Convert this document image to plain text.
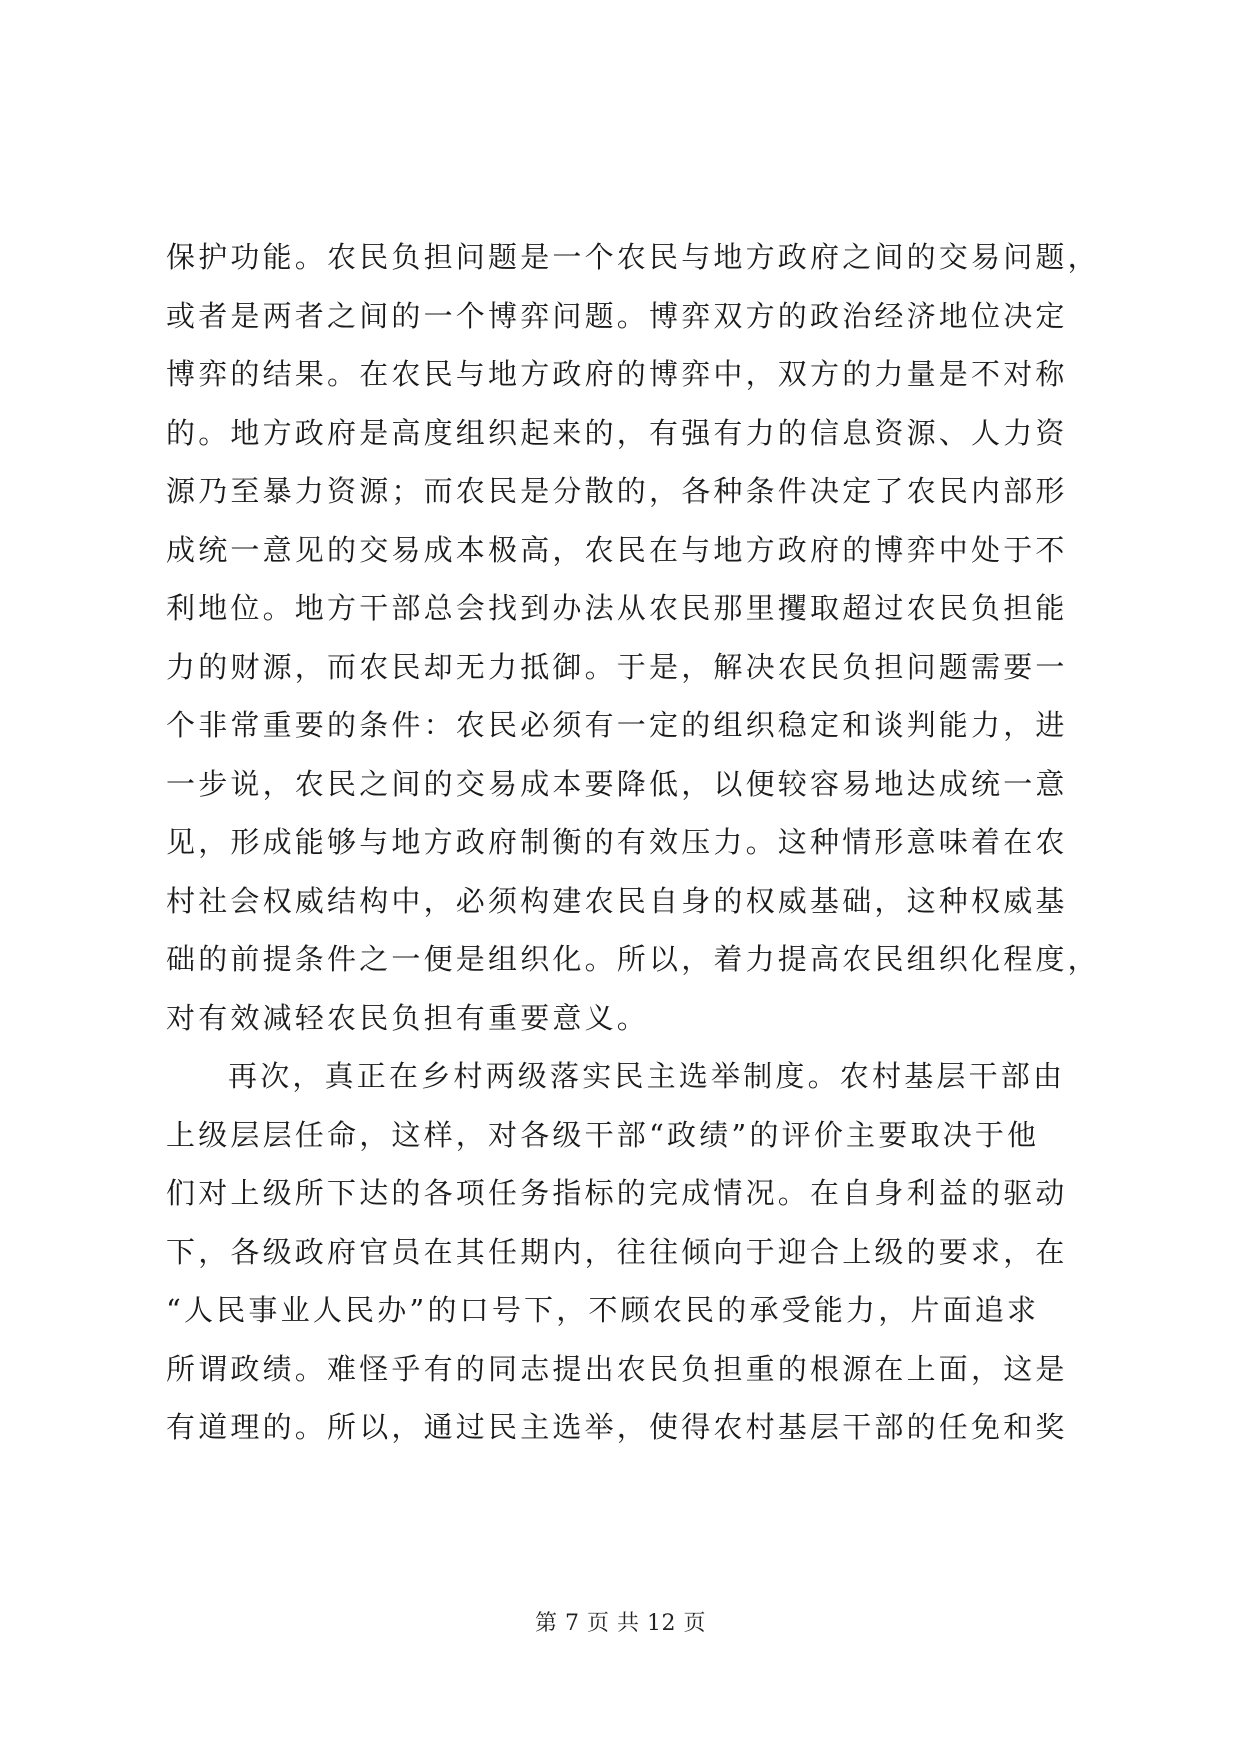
保护功能。农民负担问题是一个农民与地方政府之间的交易问题，
或者是两者之间的一个博弈问题。博弈双方的政治经济地位决定
博弈的结果。在农民与地方政府的博弈中，双方的力量是不对称
的。地方政府是高度组织起来的，有强有力的信息资源、人力资
源乃至暴力资源；而农民是分散的，各种条件决定了农民内部形
成统一意见的交易成本极高，农民在与地方政府的博弈中处于不
利地位。地方干部总会找到办法从农民那里攫取超过农民负担能
力的财源，而农民却无力抵御。于是，解决农民负担问题需要一
个非常重要的条件：农民必须有一定的组织稳定和谈判能力，进
一步说，农民之间的交易成本要降低，以便较容易地达成统一意
见，形成能够与地方政府制衡的有效压力。这种情形意味着在农
村社会权威结构中，必须构建农民自身的权威基础，这种权威基
础的前提条件之一便是组织化。所以，着力提高农民组织化程度，
对有效减轻农民负担有重要意义。
再次，真正在乡村两级落实民主选举制度。农村基层干部由
上级层层任命，这样，对各级干部“政绩”的评价主要取决于他
们对上级所下达的各项任务指标的完成情况。在自身利益的驱动
下，各级政府官员在其任期内，往往倾向于迎合上级的要求，在
“人民事业人民办”的口号下，不顾农民的承受能力，片面追求
所谓政绩。难怪乎有的同志提出农民负担重的根源在上面，这是
有道理的。所以，通过民主选举，使得农村基层干部的任免和奖
第 7 页 共 12 页
